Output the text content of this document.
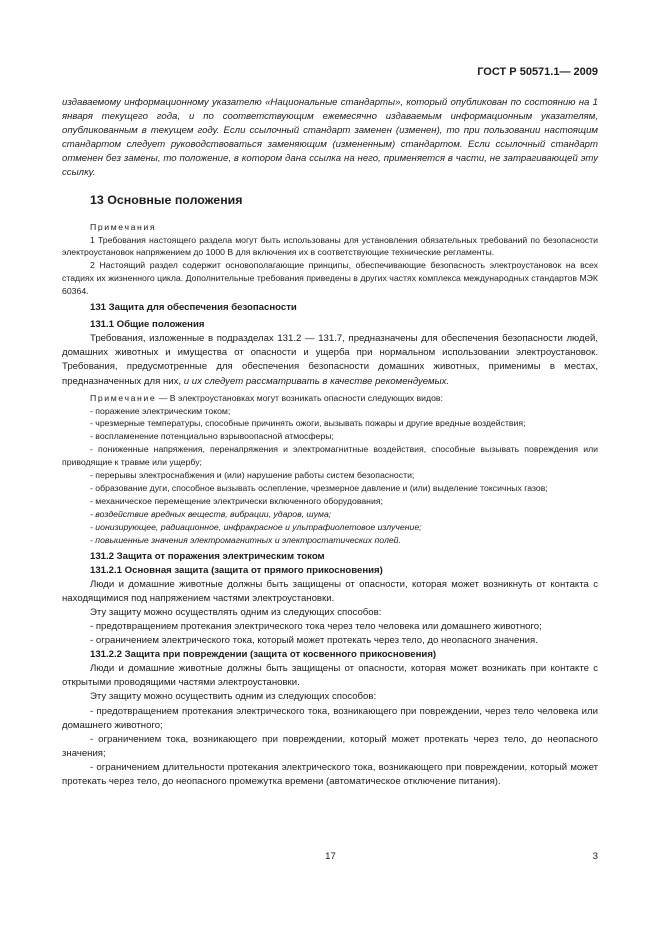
ГОСТ Р 50571.1— 2009

издаваемому информационному указателю «Национальные стандарты», который опубликован по состоянию на 1 января текущего года, и по соответствующим ежемесячно издаваемым информационным указателям, опубликованным в текущем году. Если ссылочный стандарт заменен (изменен), то при пользовании настоящим стандартом следует руководствоваться заменяющим (измененным) стандартом. Если ссылочный стандарт отменен без замены, то положение, в котором дана ссылка на него, применяется в части, не затрагивающей эту ссылку.

13 Основные положения

Примечания

1 Требования настоящего раздела могут быть использованы для установления обязательных требований по безопасности электроустановок напряжением до 1000 В для включения их в соответствующие технические регламенты.

2 Настоящий раздел содержит основополагающие принципы, обеспечивающие безопасность электроустановок на всех стадиях их жизненного цикла. Дополнительные требования приведены в других частях комплекса международных стандартов МЭК 60364.

131 Защита для обеспечения безопасности

131.1 Общие положения

Требования, изложенные в подразделах 131.2 — 131.7, предназначены для обеспечения безопасности людей, домашних животных и имущества от опасности и ущерба при нормальном использовании электроустановок. Требования, предусмотренные для обеспечения безопасности домашних животных, применимы в местах, предназначенных для них, и их следует рассматривать в качестве рекомендуемых.

Примечание — В электроустановках могут возникать опасности следующих видов:

- поражение электрическим током;

- чрезмерные температуры, способные причинять ожоги, вызывать пожары и другие вредные воздействия;

- воспламенение потенциально взрывоопасной атмосферы;

- пониженные напряжения, перенапряжения и электромагнитные воздействия, способные вызывать повреждения или приводящие к травме или ущербу;

- перерывы электроснабжения и (или) нарушение работы систем безопасности;

- образование дуги, способное вызывать ослепление, чрезмерное давление и (или) выделение токсичных газов;

- механическое перемещение электрически включенного оборудования;

- воздействие вредных веществ, вибрации, ударов, шума;

- ионизирующее, радиационное, инфракрасное и ультрафиолетовое излучение;

- повышенные значения электромагнитных и электростатических полей.

131.2 Защита от поражения электрическим током

131.2.1 Основная защита (защита от прямого прикосновения)

Люди и домашние животные должны быть защищены от опасности, которая может возникнуть от контакта с находящимися под напряжением частями электроустановки.

Эту защиту можно осуществлять одним из следующих способов:

- предотвращением протекания электрического тока через тело человека или домашнего животного;

- ограничением электрического тока, который может протекать через тело, до неопасного значения.

131.2.2 Защита при повреждении (защита от косвенного прикосновения)

Люди и домашние животные должны быть защищены от опасности, которая может возникать при контакте с открытыми проводящими частями электроустановки.

Эту защиту можно осуществить одним из следующих способов:

- предотвращением протекания электрического тока, возникающего при повреждении, через тело человека или домашнего животного;

- ограничением тока, возникающего при повреждении, который может протекать через тело, до неопасного значения;

- ограничением длительности протекания электрического тока, возникающего при повреждении, который может протекать через тело, до неопасного промежутка времени (автоматическое отключение питания).

17	3
